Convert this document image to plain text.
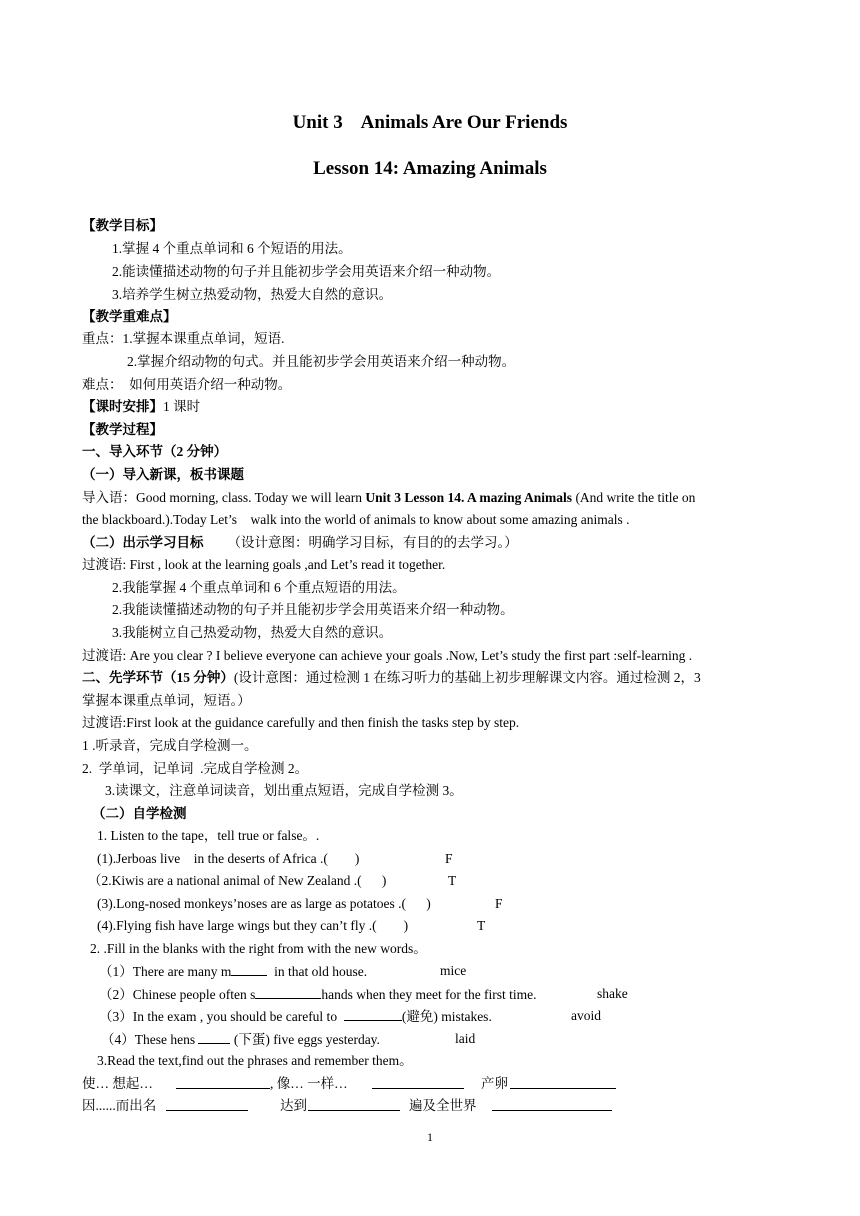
Unit 3    Animals Are Our Friends
Lesson 14: Amazing Animals
【教学目标】
1.掌握 4 个重点单词和 6 个短语的用法。
2.能读懂描述动物的句子并且能初步学会用英语来介绍一种动物。
3.培养学生树立热爱动物，热爱大自然的意识。
【教学重难点】
重点：1.掌握本课重点单词，短语.
2.掌握介绍动物的句式。并且能初步学会用英语来介绍一种动物。
难点：  如何用英语介绍一种动物。
【课时安排】1 课时
【教学过程】
一、导入环节（2 分钟）
（一）导入新课，板书课题
导入语：Good morning, class. Today we will learn Unit 3 Lesson 14. A mazing Animals (And write the title on
the blackboard.).Today Let’s    walk into the world of animals to know about some amazing animals .
（二）出示学习目标 （设计意图：明确学习目标，有目的的去学习。）
过渡语: First , look at the learning goals ,and Let’s read it together.
2.我能掌握 4 个重点单词和 6 个重点短语的用法。
2.我能读懂描述动物的句子并且能初步学会用英语来介绍一种动物。
3.我能树立自己热爱动物，热爱大自然的意识。
过渡语: Are you clear ? I believe everyone can achieve your goals .Now, Let’s study the first part :self-learning .
二、先学环节（15 分钟）(设计意图：通过检测 1 在练习听力的基础上初步理解课文内容。通过检测 2，3
掌握本课重点单词，短语。）
过渡语:First look at the guidance carefully and then finish the tasks step by step.
1 .听录音，完成自学检测一。
2.  学单词，记单词  .完成自学检测 2。
3.读课文，注意单词读音，划出重点短语，完成自学检测 3。
（二）自学检测
1. Listen to the tape，tell true or false。.
(1).Jerboas live    in the deserts of Africa .(        )	F
（2.Kiwis are a national animal of New Zealand .(      )	T
(3).Long-nosed monkeys’noses are as large as potatoes .(      )	F
(4).Flying fish have large wings but they can’t fly .(        )	T
2. .Fill in the blanks with the right from with the new words。
（1）There are many m	in that old house.	mice
（2）Chinese people often s	hands when they meet for the first time.	shake
（3）In the exam , you should be careful to	(避免) mistakes.	avoid
（4）These hens  (下蛋) five eggs yesterday.	laid
3.Read the text,find out the phrases and remember them。
使… 想起…	, 像… 一样…	产卵
因......而出名	达到	遍及全世界
1
